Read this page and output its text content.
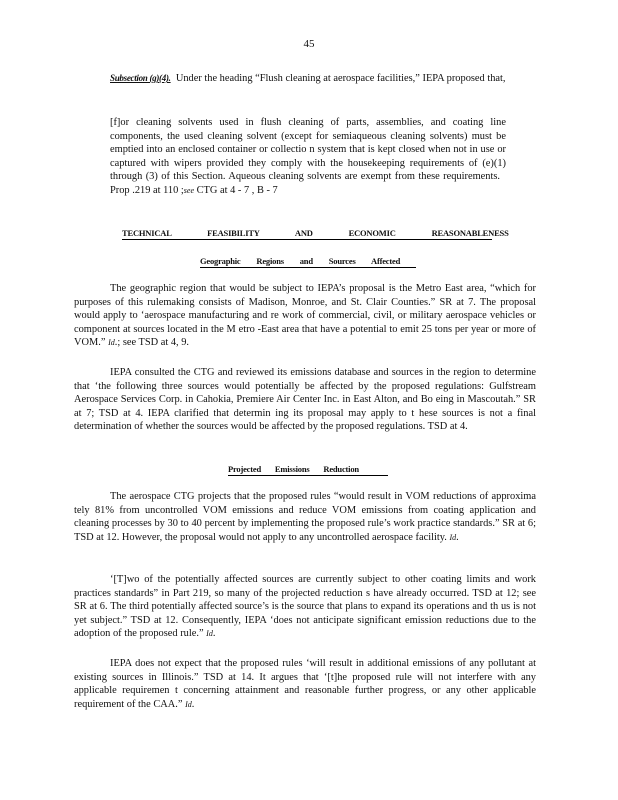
45

Subsection (g)(4). Under the heading “Flush cleaning at aerospace facilities,” IEPA proposed that,

[f]or cleaning solvents used in flush cleaning of parts, assemblies, and coating line components, the used cleaning solvent (except for semiaqueous cleaning solvents) must be emptied into an enclosed container or collectio n system that is kept closed when not in use or captured with wipers provided they comply with the housekeeping requirements of (e)(1) through (3) of this Section. Aqueous cleaning solvents are exempt from these requirements.   Prop .219 at 110 ;see CTG at 4 - 7 , B - 7

TECHNICAL FEASIBILITY AND ECONOMIC REASONABLENESS
Geographic Regions and Sources Affected

The geographic region that would be subject to IEPA’s proposal is the Metro East area, “which for purposes of this rulemaking consists of Madison, Monroe, and St. Clair Counties.” SR at 7. The proposal would apply to ‘aerospace manufacturing and re work of commercial, civil, or military aerospace vehicles or component at sources located in the M etro -East area that have a potential to emit 25 tons per year or more of VOM.” Id.; see TSD at 4, 9.

IEPA consulted the CTG and reviewed its emissions database and sources in the region to determine that ‘the following three sources would potentially be affected by the proposed regulations: Gulfstream Aerospace Services Corp. in Cahokia, Premiere Air Center Inc. in East Alton, and Bo eing in Mascoutah.” SR at 7; TSD at 4. IEPA clarified that determin ing its proposal may apply to t hese sources is not a final determination of whether the sources would be affected by the proposed regulations. TSD at 4.

Projected Emissions Reduction

The aerospace CTG projects that the proposed rules “would result in VOM reductions of approxima tely 81% from uncontrolled VOM emissions and reduce VOM emissions from coating application and cleaning processes by 30 to 40 percent by implementing the proposed rule’s work practice standards.” SR at 6; TSD at 12. However, the proposal would not apply to any uncontrolled aerospace facility. Id.

‘[T]wo of the potentially affected sources are currently subject to other coating limits and work practices standards” in Part 219, so many of the projected reduction s have already occurred. TSD at 12; see SR at 6. The third potentially affected source’s is the source that plans to expand its operations and th us is not yet subject.” TSD at 12. Consequently, IEPA ‘does not anticipate significant emission reductions due to the adoption of the proposed rule.” Id.

IEPA does not expect that the proposed rules ‘will result in additional emissions of any pollutant at existing sources in Illinois.” TSD at 14. It argues that ‘[t]he proposed rule will not interfere with any applicable requiremen t concerning attainment and reasonable further progress, or any other applicable requirement of the CAA.” Id.
